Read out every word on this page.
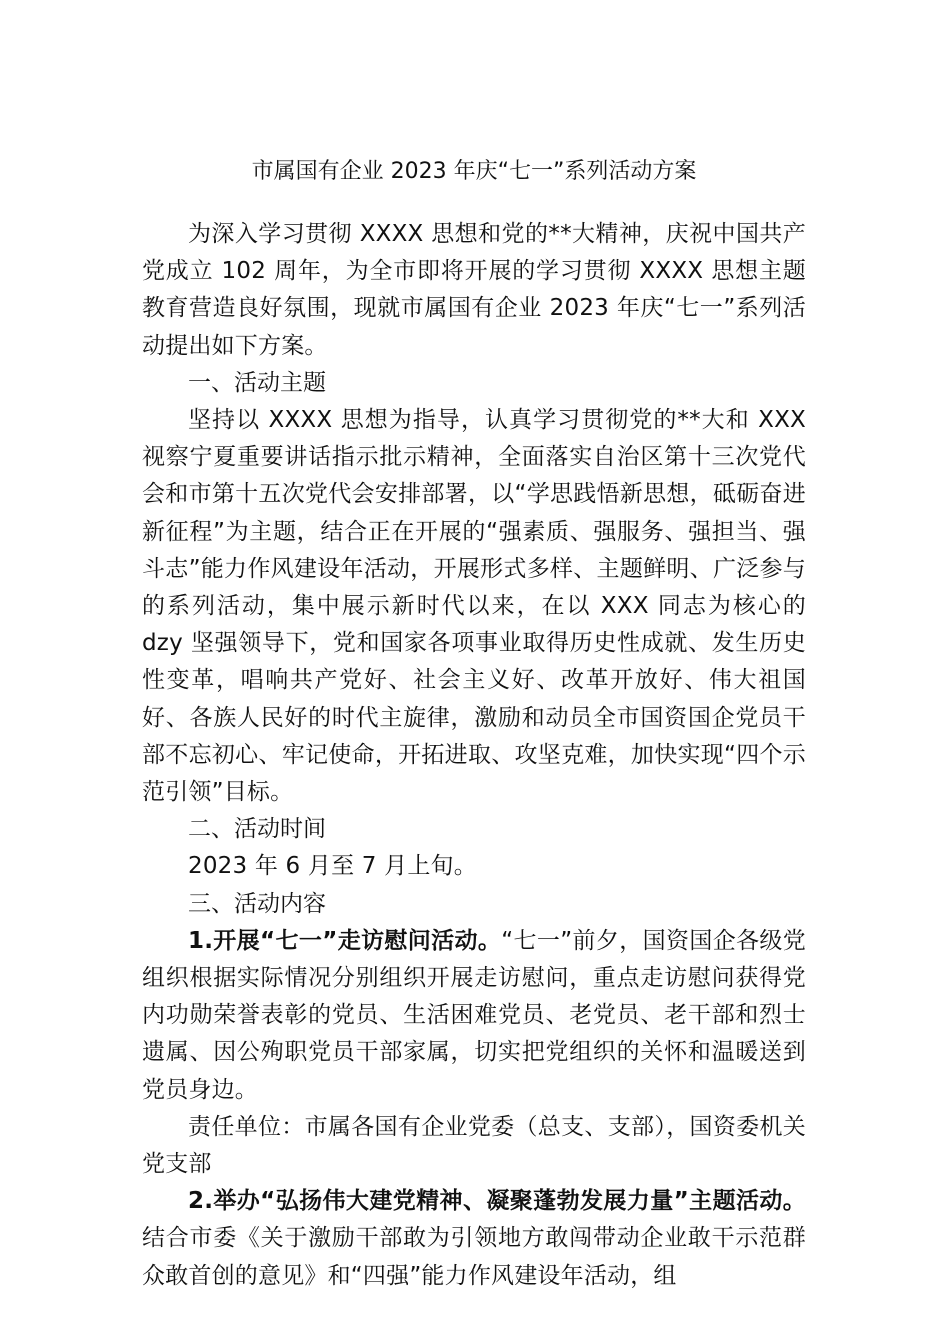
市属国有企业 2023 年庆“七一”系列活动方案

为深入学习贯彻 XXXX 思想和党的**大精神，庆祝中国共产党成立 102 周年，为全市即将开展的学习贯彻 XXXX 思想主题教育营造良好氛围，现就市属国有企业 2023 年庆“七一”系列活动提出如下方案。

一、活动主题

坚持以 XXXX 思想为指导，认真学习贯彻党的**大和 XXX 视察宁夏重要讲话指示批示精神，全面落实自治区第十三次党代会和市第十五次党代会安排部署，以“学思践悟新思想，砥砺奋进新征程”为主题，结合正在开展的“强素质、强服务、强担当、强斗志”能力作风建设年活动，开展形式多样、主题鲜明、广泛参与的系列活动，集中展示新时代以来，在以 XXX 同志为核心的 dzy 坚强领导下，党和国家各项事业取得历史性成就、发生历史性变革，唱响共产党好、社会主义好、改革开放好、伟大祖国好、各族人民好的时代主旋律，激励和动员全市国资国企党员干部不忘初心、牢记使命，开拓进取、攻坚克难，加快实现“四个示范引领”目标。

二、活动时间

2023 年 6 月至 7 月上旬。

三、活动内容

1.开展“七一”走访慰问活动。“七一”前夕，国资国企各级党组织根据实际情况分别组织开展走访慰问，重点走访慰问获得党内功勋荣誉表彰的党员、生活困难党员、老党员、老干部和烈士遗属、因公殉职党员干部家属，切实把党组织的关怀和温暖送到党员身边。

责任单位：市属各国有企业党委（总支、支部），国资委机关党支部

2.举办“弘扬伟大建党精神、凝聚蓬勃发展力量”主题活动。结合市委《关于激励干部敢为引领地方敢闯带动企业敢干示范群众敢首创的意见》和“四强”能力作风建设年活动，组
